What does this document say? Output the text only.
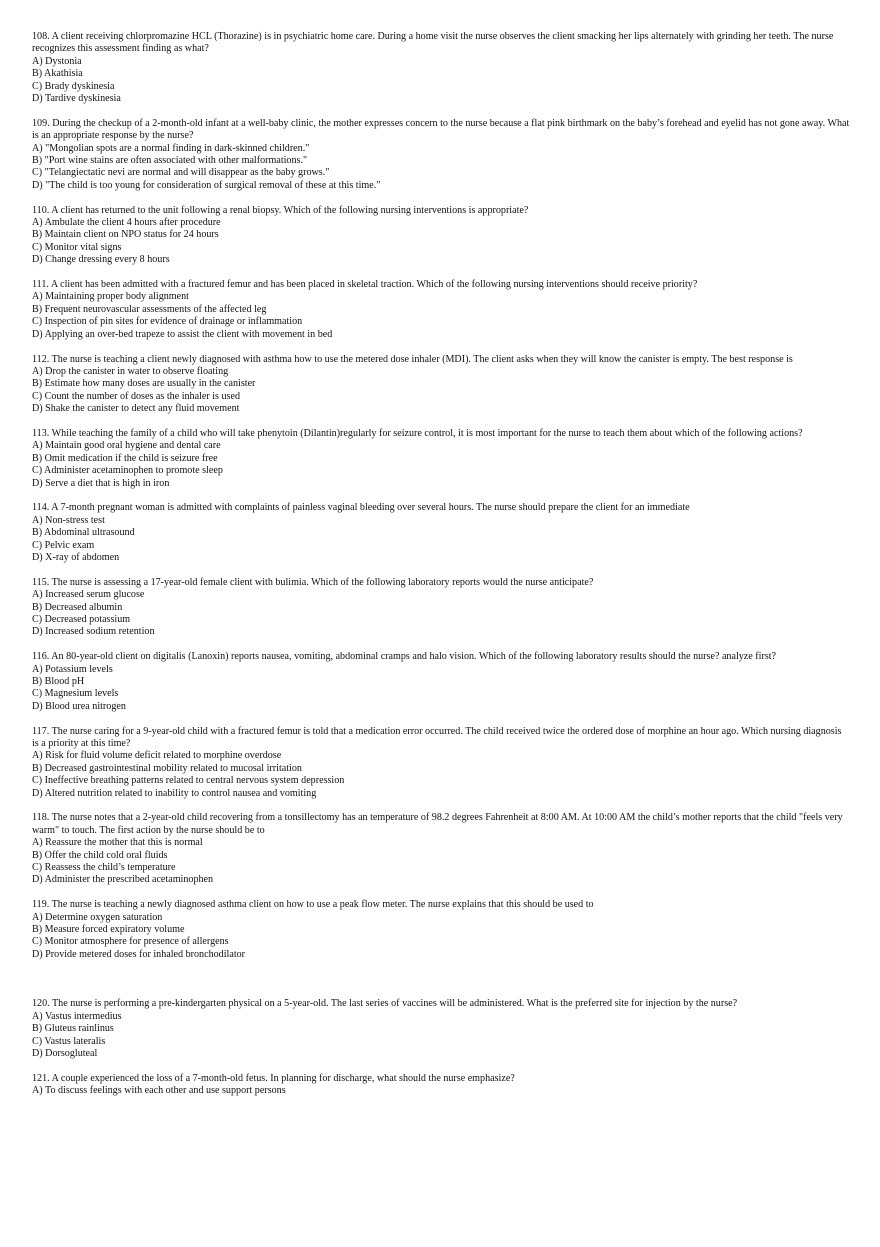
108. A client receiving chlorpromazine HCL (Thorazine) is in psychiatric home care. During a home visit the nurse observes the client smacking her lips alternately with grinding her teeth. The nurse recognizes this assessment finding as what?

A) Dystonia

B) Akathisia

C) Brady dyskinesia

D) Tardive dyskinesia

109. During the checkup of a 2-month-old infant at a well-baby clinic, the mother expresses concern to the nurse because a flat pink birthmark on the baby’s forehead and eyelid has not gone away. What is an appropriate response by the nurse?

A) "Mongolian spots are a normal finding in dark-skinned children."

B) "Port wine stains are often associated with other malformations."

C) "Telangiectatic nevi are normal and will disappear as the baby grows."

D) "The child is too young for consideration of surgical removal of these at this time."

110. A client has returned to the unit following a renal biopsy. Which of the following nursing interventions is appropriate?

A) Ambulate the client 4 hours after procedure

B) Maintain client on NPO status for 24 hours

C) Monitor vital signs

D) Change dressing every 8 hours

111. A client has been admitted with a fractured femur and has been placed in skeletal traction. Which of the following nursing interventions should receive priority?

A) Maintaining proper body alignment

B) Frequent neurovascular assessments of the affected leg

C) Inspection of pin sites for evidence of drainage or inflammation

D) Applying an over-bed trapeze to assist the client with movement in bed

112. The nurse is teaching a client newly diagnosed with asthma how to use the metered dose inhaler (MDI). The client asks when they will know the canister is empty. The best response is

A) Drop the canister in water to observe floating

B) Estimate how many doses are usually in the canister

C) Count the number of doses as the inhaler is used

D) Shake the canister to detect any fluid movement

113. While teaching the family of a child who will take phenytoin (Dilantin)regularly for seizure control, it is most important for the nurse to teach them about which of the following actions?

A) Maintain good oral hygiene and dental care

B) Omit medication if the child is seizure free

C) Administer acetaminophen to promote sleep

D) Serve a diet that is high in iron

114. A 7-month pregnant woman is admitted with complaints of painless vaginal bleeding over several hours. The nurse should prepare the client for an immediate

A) Non-stress test

B) Abdominal ultrasound

C) Pelvic exam

D) X-ray of abdomen

115. The nurse is assessing a 17-year-old female client with bulimia. Which of the following laboratory reports would the nurse anticipate?

A) Increased serum glucose

B) Decreased albumin

C) Decreased potassium

D) Increased sodium retention

116. An 80-year-old client on digitalis (Lanoxin) reports nausea, vomiting, abdominal cramps and halo vision. Which of the following laboratory results should the nurse? analyze first?

A) Potassium levels

B) Blood pH

C) Magnesium levels

D) Blood urea nitrogen

117. The nurse caring for a 9-year-old child with a fractured femur is told that a medication error occurred. The child received twice the ordered dose of morphine an hour ago. Which nursing diagnosis is a priority at this time?

A) Risk for fluid volume deficit related to morphine overdose

B) Decreased gastrointestinal mobility related to mucosal irritation

C) Ineffective breathing patterns related to central nervous system depression

D) Altered nutrition related to inability to control nausea and vomiting

118. The nurse notes that a 2-year-old child recovering from a tonsillectomy has an temperature of 98.2 degrees Fahrenheit at 8:00 AM. At 10:00 AM the child’s mother reports that the child "feels very warm" to touch. The first action by the nurse should be to

A) Reassure the mother that this is normal

B) Offer the child cold oral fluids

C) Reassess the child’s temperature

D) Administer the prescribed acetaminophen

119. The nurse is teaching a newly diagnosed asthma client on how to use a peak flow meter. The nurse explains that this should be used to

A) Determine oxygen saturation

B) Measure forced expiratory volume

C) Monitor atmosphere for presence of allergens

D) Provide metered doses for inhaled bronchodilator

120. The nurse is performing a pre-kindergarten physical on a 5-year-old. The last series of vaccines will be administered. What is the preferred site for injection by the nurse?

A) Vastus intermedius

B) Gluteus rainlinus

C) Vastus lateralis

D) Dorsogluteal

121. A couple experienced the loss of a 7-month-old fetus. In planning for discharge, what should the nurse emphasize?

A) To discuss feelings with each other and use support persons
